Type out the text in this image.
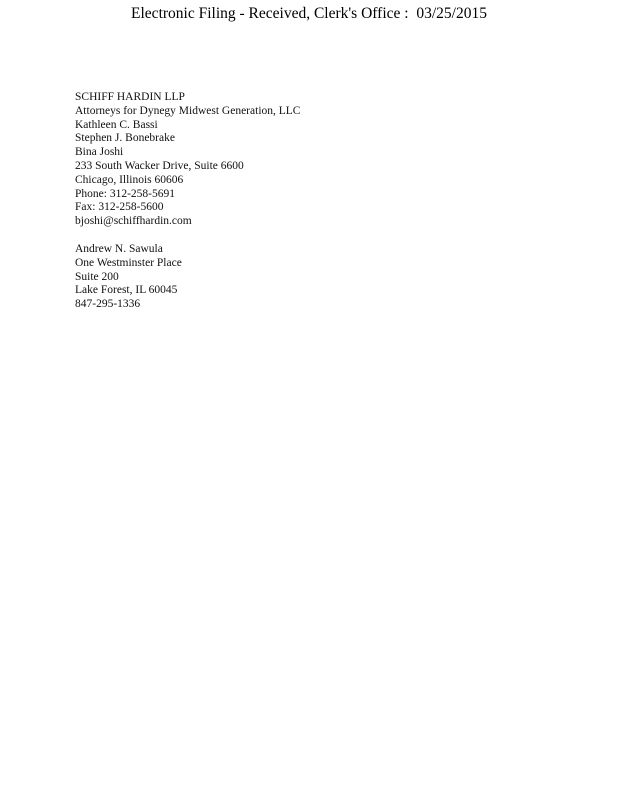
Electronic Filing - Received, Clerk's Office :  03/25/2015
SCHIFF HARDIN LLP
Attorneys for Dynegy Midwest Generation, LLC
Kathleen C. Bassi
Stephen J. Bonebrake
Bina Joshi
233 South Wacker Drive, Suite 6600
Chicago, Illinois 60606
Phone: 312-258-5691
Fax: 312-258-5600
bjoshi@schiffhardin.com
Andrew N. Sawula
One Westminster Place
Suite 200
Lake Forest, IL 60045
847-295-1336
